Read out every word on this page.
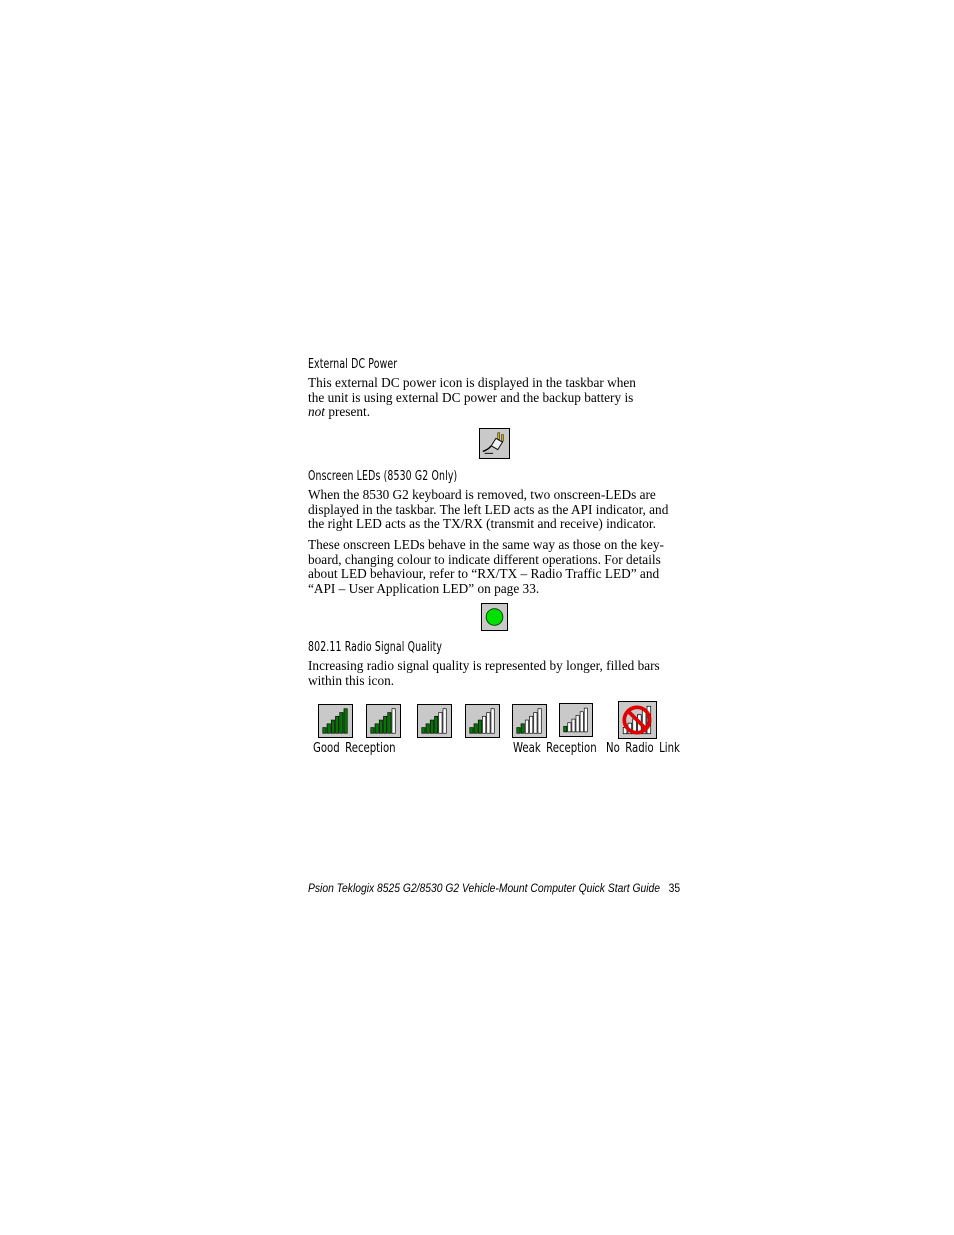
External DC Power
This external DC power icon is displayed in the taskbar when
the unit is using external DC power and the backup battery is
not present.
Onscreen LEDs (8530 G2 Only)
When the 8530 G2 keyboard is removed, two onscreen-LEDs are
displayed in the taskbar. The left LED acts as the API indicator, and
the right LED acts as the TX/RX (transmit and receive) indicator.
These onscreen LEDs behave in the same way as those on the key-
board, changing colour to indicate different operations. For details
about LED behaviour, refer to “RX/TX – Radio Traffic LED” and
“API – User Application LED” on page 33.
802.11 Radio Signal Quality
Increasing radio signal quality is represented by longer, filled bars
within this icon.
Good Reception	Weak Reception No Radio Link
Psion Teklogix 8525 G2/8530 G2 Vehicle-Mount Computer Quick Start Guide 35
